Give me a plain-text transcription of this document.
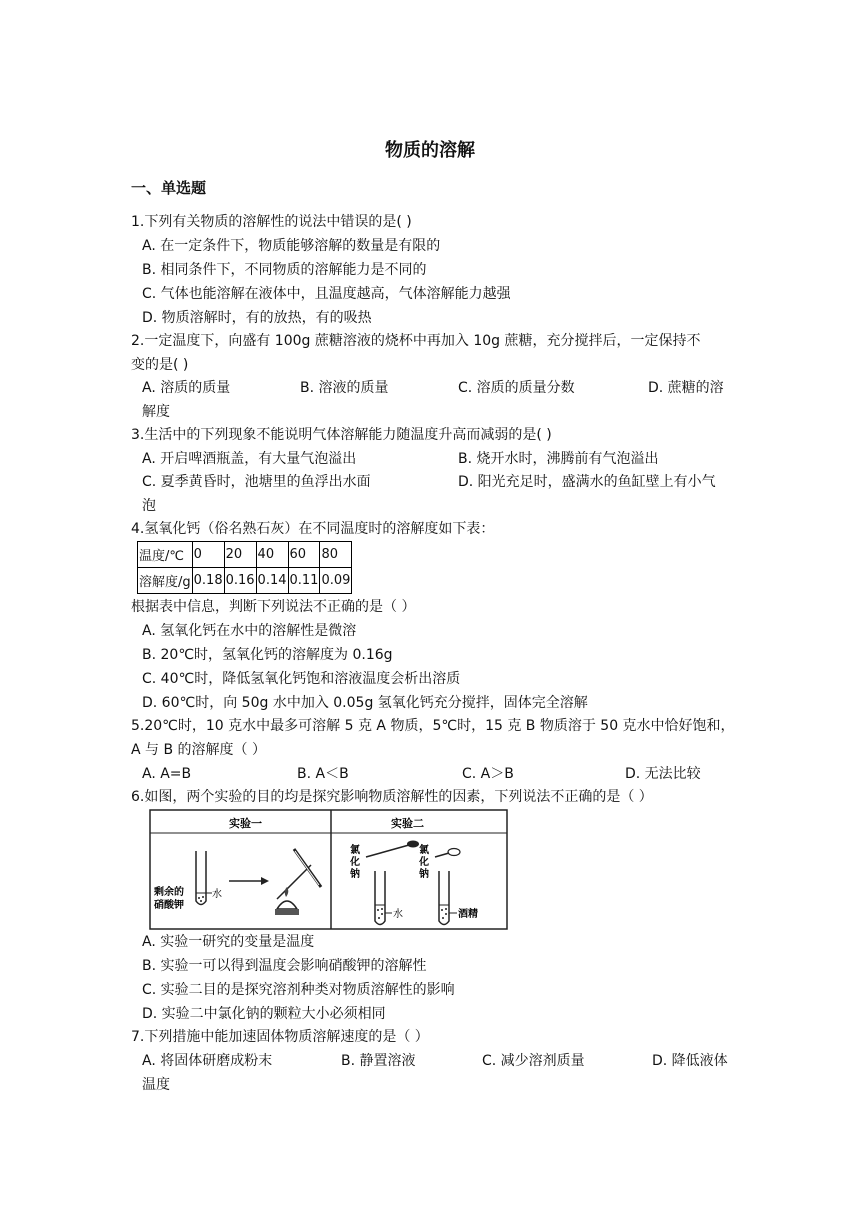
物质的溶解
一、单选题
1.下列有关物质的溶解性的说法中错误的是( )
A. 在一定条件下，物质能够溶解的数量是有限的
B. 相同条件下，不同物质的溶解能力是不同的
C. 气体也能溶解在液体中，且温度越高，气体溶解能力越强
D. 物质溶解时，有的放热，有的吸热
2.一定温度下，向盛有 100g 蔗糖溶液的烧杯中再加入 10g 蔗糖，充分搅拌后，一定保持不
变的是( )
A. 溶质的质量	B. 溶液的质量	C. 溶质的质量分数	D. 蔗糖的溶
解度
3.生活中的下列现象不能说明气体溶解能力随温度升高而减弱的是( )
A. 开启啤酒瓶盖，有大量气泡溢出	B. 烧开水时，沸腾前有气泡溢出
C. 夏季黄昏时，池塘里的鱼浮出水面	D. 阳光充足时，盛满水的鱼缸壁上有小气
泡
4.氢氧化钙（俗名熟石灰）在不同温度时的溶解度如下表：
温度/℃	0	20	40	60	80
溶解度/g	0.18	0.16	0.14	0.11	0.09
根据表中信息，判断下列说法不正确的是（ ）
A. 氢氧化钙在水中的溶解性是微溶
B. 20℃时，氢氧化钙的溶解度为 0.16g
C. 40℃时，降低氢氧化钙饱和溶液温度会析出溶质
D. 60℃时，向 50g 水中加入 0.05g 氢氧化钙充分搅拌，固体完全溶解
5.20℃时，10 克水中最多可溶解 5 克 A 物质，5℃时，15 克 B 物质溶于 50 克水中恰好饱和，
A 与 B 的溶解度（ ）
A. A=B	B. A＜B	C. A＞B	D. 无法比较
6.如图，两个实验的目的均是探究影响物质溶解性的因素，下列说法不正确的是（ ）
实验一	实验二
水
剩余的
硝酸钾
氯
化
钠
水
氯
化
钠
酒精
A. 实验一研究的变量是温度
B. 实验一可以得到温度会影响硝酸钾的溶解性
C. 实验二目的是探究溶剂种类对物质溶解性的影响
D. 实验二中氯化钠的颗粒大小必须相同
7.下列措施中能加速固体物质溶解速度的是（ ）
A. 将固体研磨成粉末	B. 静置溶液	C. 减少溶剂质量	D. 降低液体
温度
